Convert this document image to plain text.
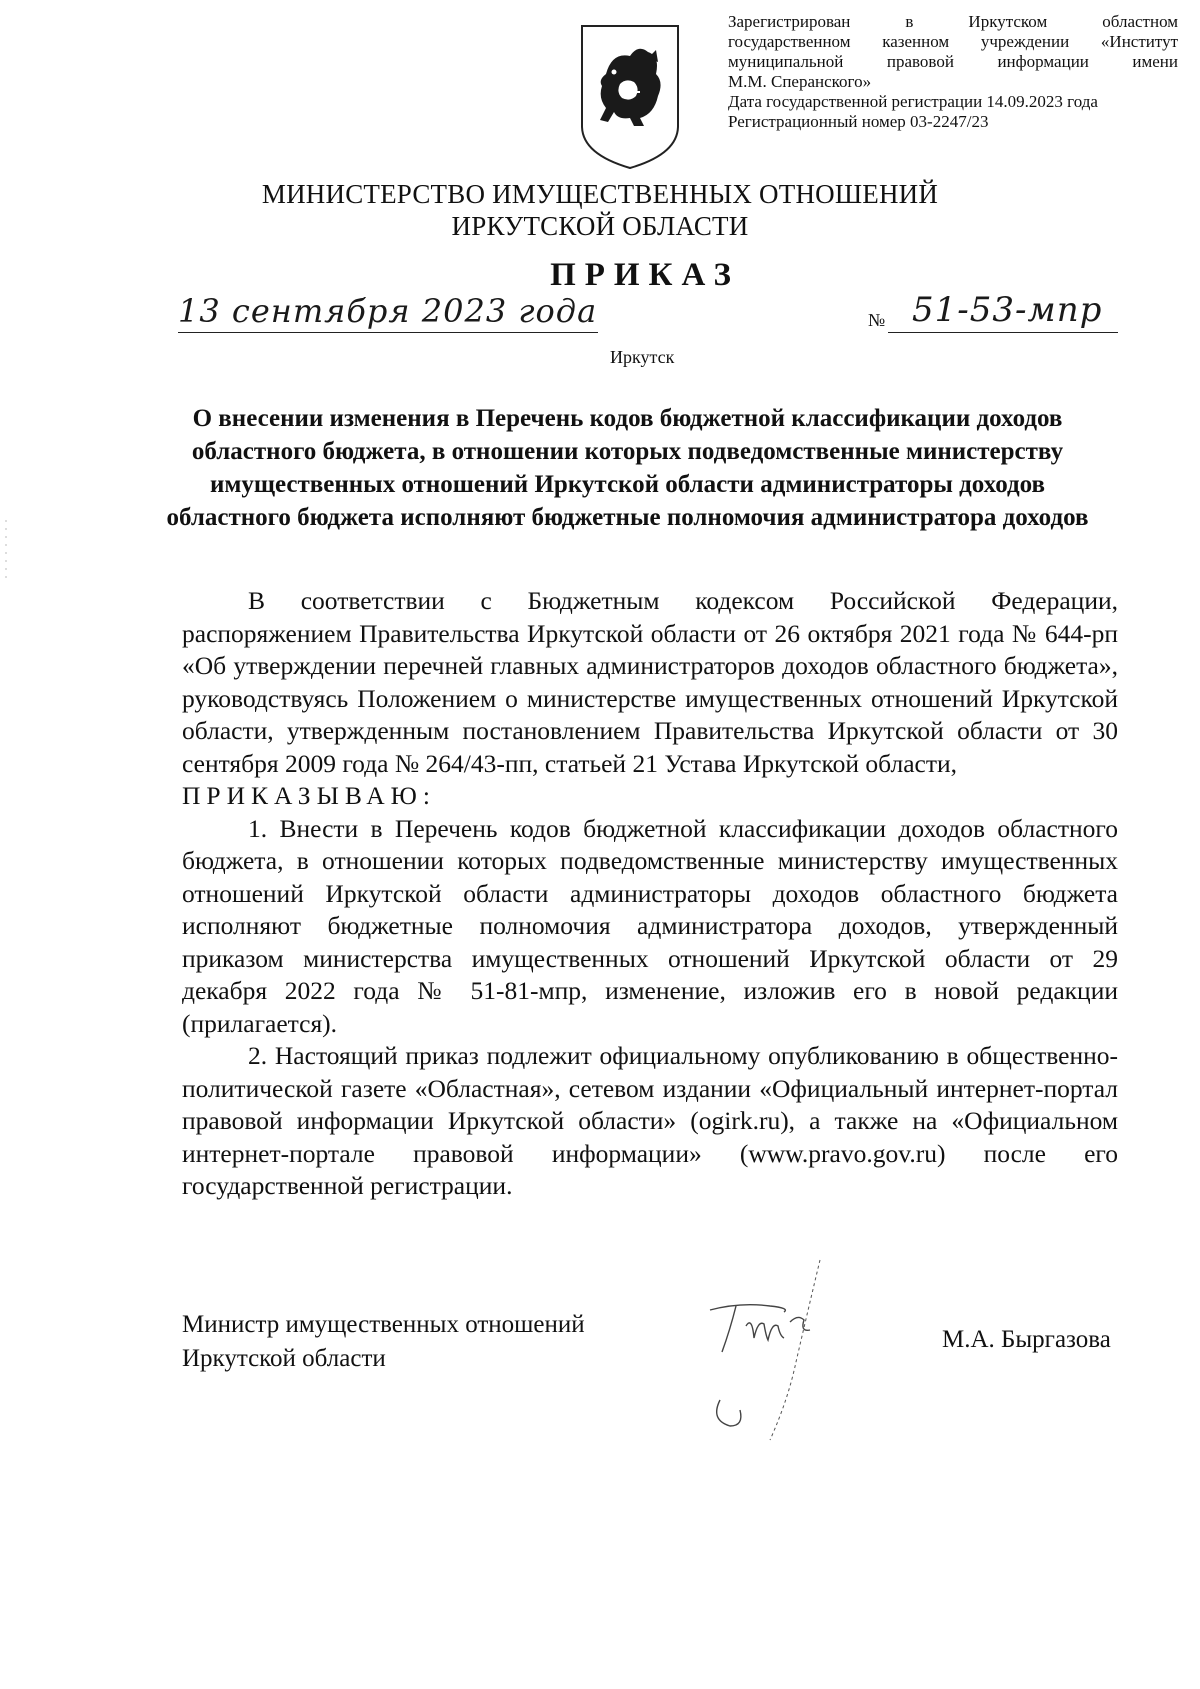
Зарегистрирован в Иркутском областном
государственном казенном учреждении «Институт
муниципальной правовой информации имени
М.М. Сперанского»
Дата государственной регистрации 14.09.2023 года
Регистрационный номер 03-2247/23
МИНИСТЕРСТВО ИМУЩЕСТВЕННЫХ ОТНОШЕНИЙ
ИРКУТСКОЙ ОБЛАСТИ
ПРИКАЗ
13 сентября 2023 года	№ 51-53-мпр
Иркутск
О внесении изменения в Перечень кодов бюджетной классификации доходов областного бюджета, в отношении которых подведомственные министерству имущественных отношений Иркутской области администраторы доходов областного бюджета исполняют бюджетные полномочия администратора доходов

В соответствии с Бюджетным кодексом Российской Федерации, распоряжением Правительства Иркутской области от 26 октября 2021 года № 644-рп «Об утверждении перечней главных администраторов доходов областного бюджета», руководствуясь Положением о министерстве имущественных отношений Иркутской области, утвержденным постановлением Правительства Иркутской области от 30 сентября 2009 года № 264/43-пп, статьей 21 Устава Иркутской области,

ПРИКАЗЫВАЮ:

1. Внести в Перечень кодов бюджетной классификации доходов областного бюджета, в отношении которых подведомственные министерству имущественных отношений Иркутской области администраторы доходов областного бюджета исполняют бюджетные полномочия администратора доходов, утвержденный приказом министерства имущественных отношений Иркутской области от 29 декабря 2022 года № 51-81-мпр, изменение, изложив его в новой редакции (прилагается).

2. Настоящий приказ подлежит официальному опубликованию в общественно-политической газете «Областная», сетевом издании «Официальный интернет-портал правовой информации Иркутской области» (ogirk.ru), а также на «Официальном интернет-портале правовой информации» (www.pravo.gov.ru) после его государственной регистрации.

Министр имущественных отношений
Иркутской области
М.А. Быргазова
